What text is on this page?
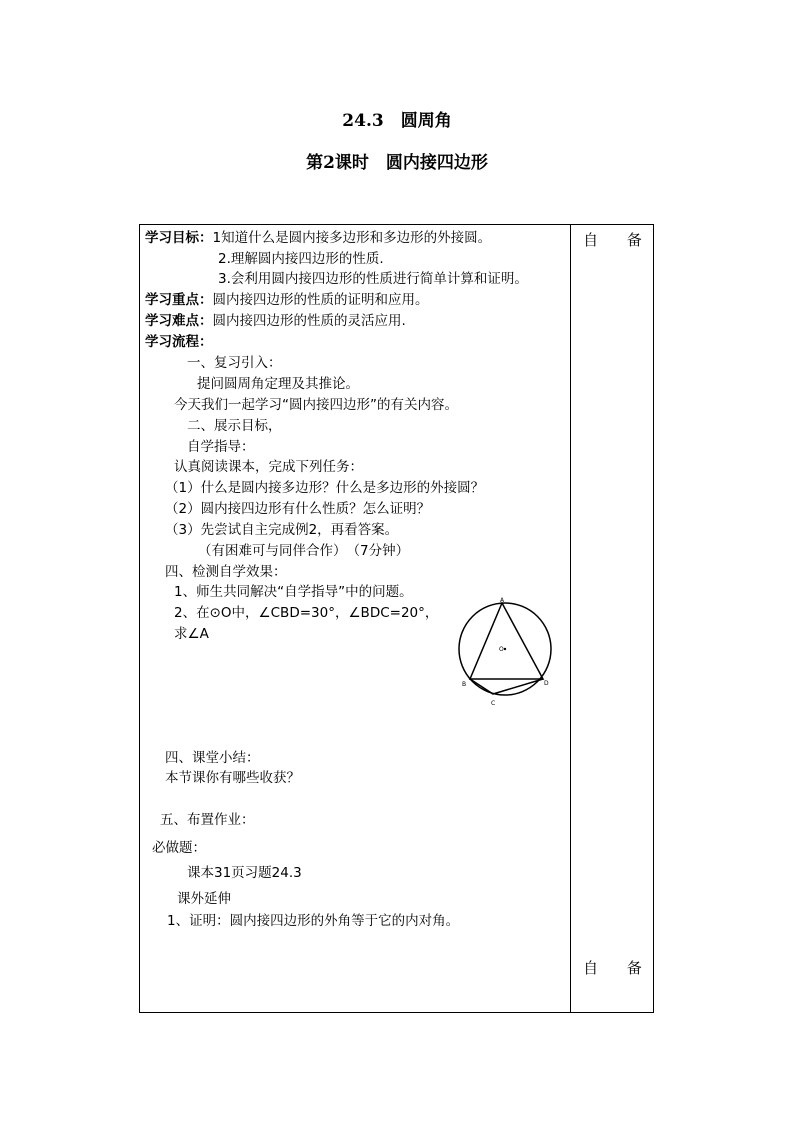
24.3　圆周角
第2课时　圆内接四边形
自 备
自 备
学习目标：1知道什么是圆内接多边形和多边形的外接圆。
2.理解圆内接四边形的性质.
3.会利用圆内接四边形的性质进行简单计算和证明。
学习重点：圆内接四边形的性质的证明和应用。
学习难点：圆内接四边形的性质的灵活应用.
学习流程：
一、复习引入：
提问圆周角定理及其推论。
今天我们一起学习“圆内接四边形”的有关内容。
二、展示目标，
自学指导：
认真阅读课本，完成下列任务：
（1）什么是圆内接多边形？什么是多边形的外接圆？
（2）圆内接四边形有什么性质？怎么证明？
（3）先尝试自主完成例2，再看答案。
（有困难可与同伴合作）　（7分钟）
四、检测自学效果：
1、师生共同解决“自学指导”中的问题。
2、在⊙O中，∠CBD=30°，∠BDC=20°，
求∠A
A
B
C
D
O
四、课堂小结：
本节课你有哪些收获？
五、布置作业：
必做题：
课本31页习题24.3
课外延伸
1、证明：圆内接四边形的外角等于它的内对角。
